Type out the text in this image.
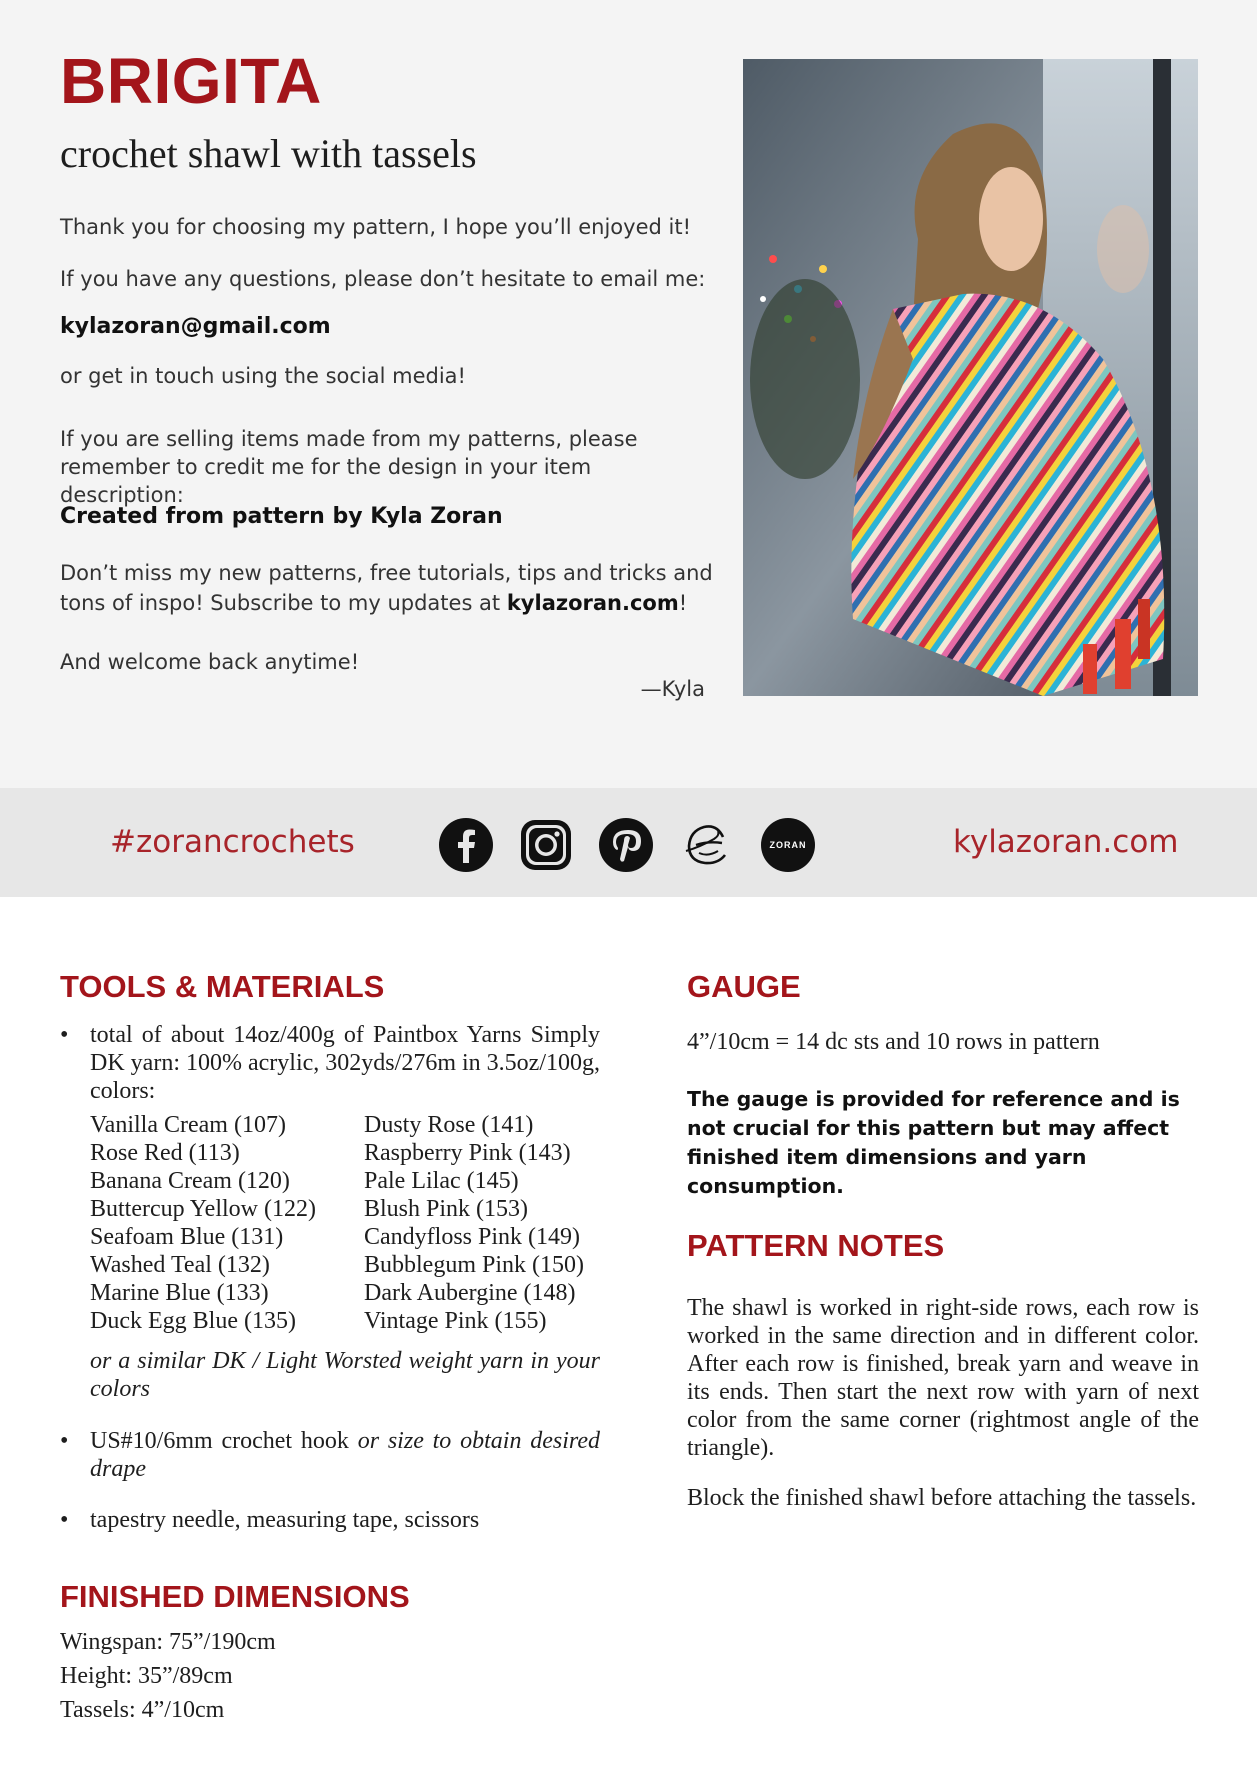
BRIGITA
crochet shawl with tassels

Thank you for choosing my pattern, I hope you’ll enjoyed it!

If you have any questions, please don’t hesitate to email me:

kylazoran@gmail.com

or get in touch using the social media!

If you are selling items made from my patterns, please remember to credit me for the design in your item description:

Created from pattern by Kyla Zoran

Don’t miss my new patterns, free tutorials, tips and tricks and tons of inspo! Subscribe to my updates at kylazoran.com!

And welcome back anytime!

—Kyla

#zorancrochets	ZORAN	kylazoran.com
TOOLS & MATERIALS
• total of about 14oz/400g of Paintbox Yarns Simply DK yarn: 100% acrylic, 302yds/276m in 3.5oz/100g, colors:
Vanilla Cream (107)
Rose Red (113)
Banana Cream (120)
Buttercup Yellow (122)
Seafoam Blue (131)
Washed Teal (132)
Marine Blue (133)
Duck Egg Blue (135)
Dusty Rose (141)
Raspberry Pink (143)
Pale Lilac (145)
Blush Pink (153)
Candyfloss Pink (149)
Bubblegum Pink (150)
Dark Aubergine (148)
Vintage Pink (155)
or a similar DK / Light Worsted weight yarn in your colors
• US#10/6mm crochet hook or size to obtain desired drape
• tapestry needle, measuring tape, scissors
FINISHED DIMENSIONS
Wingspan: 75”/190cm
Height: 35”/89cm
Tassels: 4”/10cm
GAUGE
4”/10cm = 14 dc sts and 10 rows in pattern
The gauge is provided for reference and is not crucial for this pattern but may affect finished item dimensions and yarn consumption.
PATTERN NOTES
The shawl is worked in right-side rows, each row is worked in the same direction and in different color. After each row is finished, break yarn and weave in its ends. Then start the next row with yarn of next color from the same corner (rightmost angle of the triangle).
Block the finished shawl before attaching the tassels.
